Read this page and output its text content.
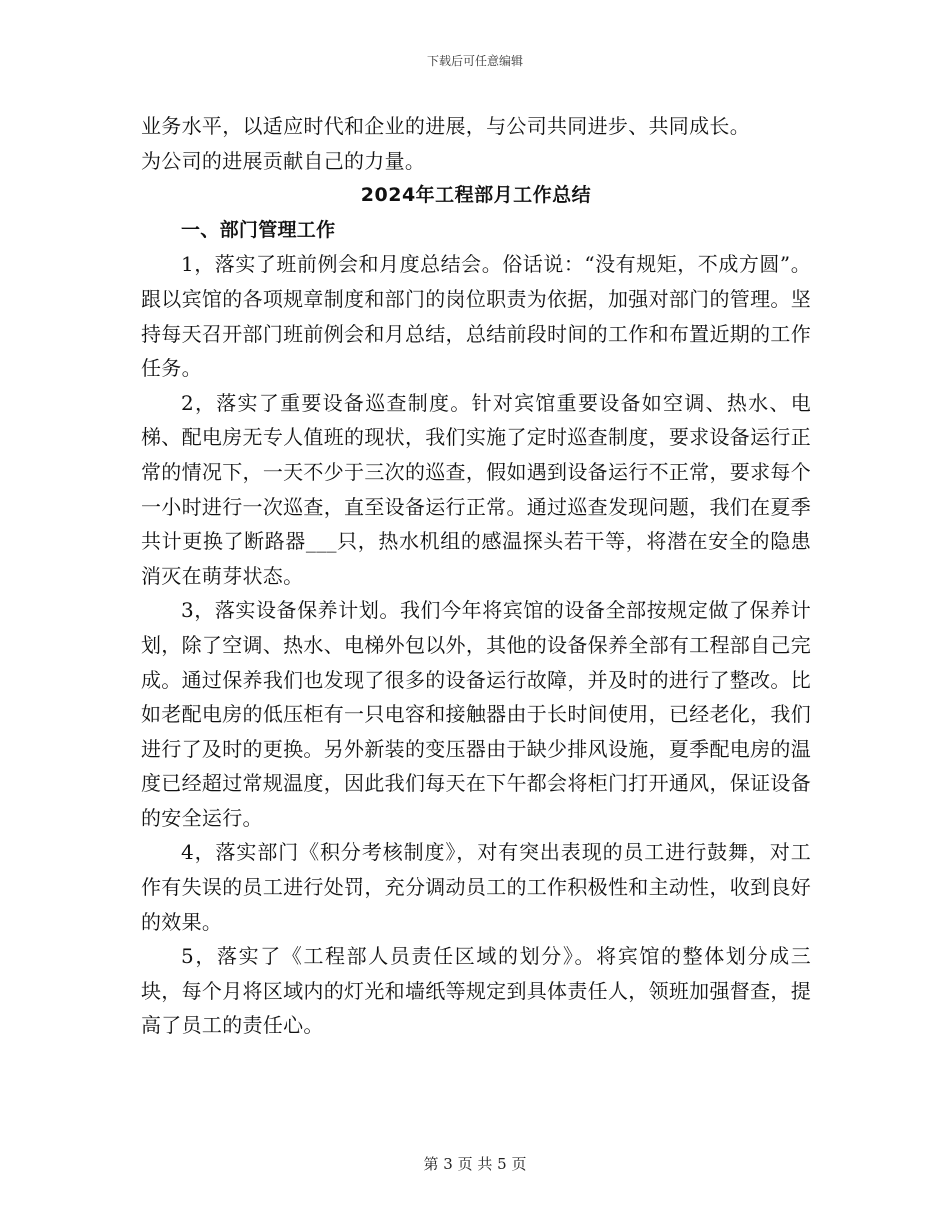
下载后可任意编辑

业务水平，以适应时代和企业的进展，与公司共同进步、共同成长。

为公司的进展贡献自己的力量。

2024年工程部月工作总结

一、部门管理工作

1，落实了班前例会和月度总结会。俗话说：“没有规矩，不成方圆”。跟以宾馆的各项规章制度和部门的岗位职责为依据，加强对部门的管理。坚持每天召开部门班前例会和月总结，总结前段时间的工作和布置近期的工作任务。

2，落实了重要设备巡查制度。针对宾馆重要设备如空调、热水、电梯、配电房无专人值班的现状，我们实施了定时巡查制度，要求设备运行正常的情况下，一天不少于三次的巡查，假如遇到设备运行不正常，要求每个一小时进行一次巡查，直至设备运行正常。通过巡查发现问题，我们在夏季共计更换了断路器___只，热水机组的感温探头若干等，将潜在安全的隐患消灭在萌芽状态。

3，落实设备保养计划。我们今年将宾馆的设备全部按规定做了保养计划，除了空调、热水、电梯外包以外，其他的设备保养全部有工程部自己完成。通过保养我们也发现了很多的设备运行故障，并及时的进行了整改。比如老配电房的低压柜有一只电容和接触器由于长时间使用，已经老化，我们进行了及时的更换。另外新装的变压器由于缺少排风设施，夏季配电房的温度已经超过常规温度，因此我们每天在下午都会将柜门打开通风，保证设备的安全运行。

4，落实部门《积分考核制度》，对有突出表现的员工进行鼓舞，对工作有失误的员工进行处罚，充分调动员工的工作积极性和主动性，收到良好的效果。

5，落实了《工程部人员责任区域的划分》。将宾馆的整体划分成三块，每个月将区域内的灯光和墙纸等规定到具体责任人，领班加强督查，提高了员工的责任心。

第 3 页 共 5 页
